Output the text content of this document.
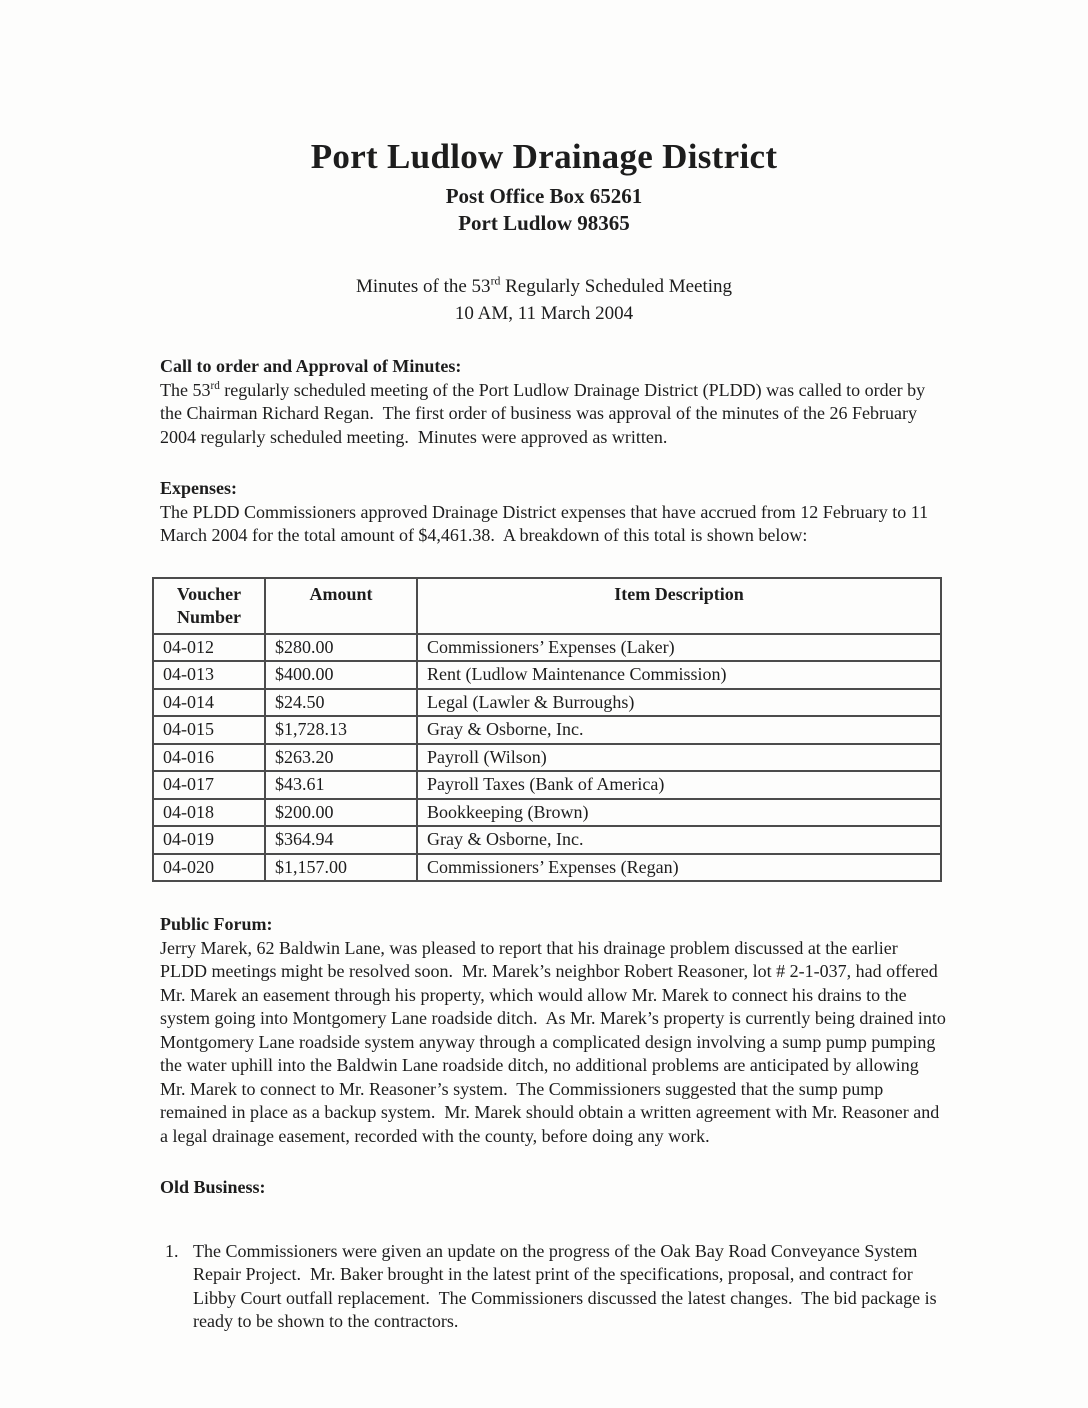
Port Ludlow Drainage District
Post Office Box 65261
Port Ludlow 98365
Minutes of the 53rd Regularly Scheduled Meeting
10 AM, 11 March 2004
Call to order and Approval of Minutes:
The 53rd regularly scheduled meeting of the Port Ludlow Drainage District (PLDD) was called to order by the Chairman Richard Regan.  The first order of business was approval of the minutes of the 26 February 2004 regularly scheduled meeting.  Minutes were approved as written.
Expenses:
The PLDD Commissioners approved Drainage District expenses that have accrued from 12 February to 11 March 2004 for the total amount of $4,461.38.  A breakdown of this total is shown below:
Voucher Number	Amount	Item Description
04-012	$280.00	Commissioners’ Expenses (Laker)
04-013	$400.00	Rent (Ludlow Maintenance Commission)
04-014	$24.50	Legal (Lawler & Burroughs)
04-015	$1,728.13	Gray & Osborne, Inc.
04-016	$263.20	Payroll (Wilson)
04-017	$43.61	Payroll Taxes (Bank of America)
04-018	$200.00	Bookkeeping (Brown)
04-019	$364.94	Gray & Osborne, Inc.
04-020	$1,157.00	Commissioners’ Expenses (Regan)
Public Forum:
Jerry Marek, 62 Baldwin Lane, was pleased to report that his drainage problem discussed at the earlier PLDD meetings might be resolved soon.  Mr. Marek’s neighbor Robert Reasoner, lot # 2-1-037, had offered Mr. Marek an easement through his property, which would allow Mr. Marek to connect his drains to the system going into Montgomery Lane roadside ditch.  As Mr. Marek’s property is currently being drained into Montgomery Lane roadside system anyway through a complicated design involving a sump pump pumping the water uphill into the Baldwin Lane roadside ditch, no additional problems are anticipated by allowing Mr. Marek to connect to Mr. Reasoner’s system.  The Commissioners suggested that the sump pump remained in place as a backup system.  Mr. Marek should obtain a written agreement with Mr. Reasoner and a legal drainage easement, recorded with the county, before doing any work.
Old Business:
1. The Commissioners were given an update on the progress of the Oak Bay Road Conveyance System Repair Project.  Mr. Baker brought in the latest print of the specifications, proposal, and contract for Libby Court outfall replacement.  The Commissioners discussed the latest changes.  The bid package is ready to be shown to the contractors.
